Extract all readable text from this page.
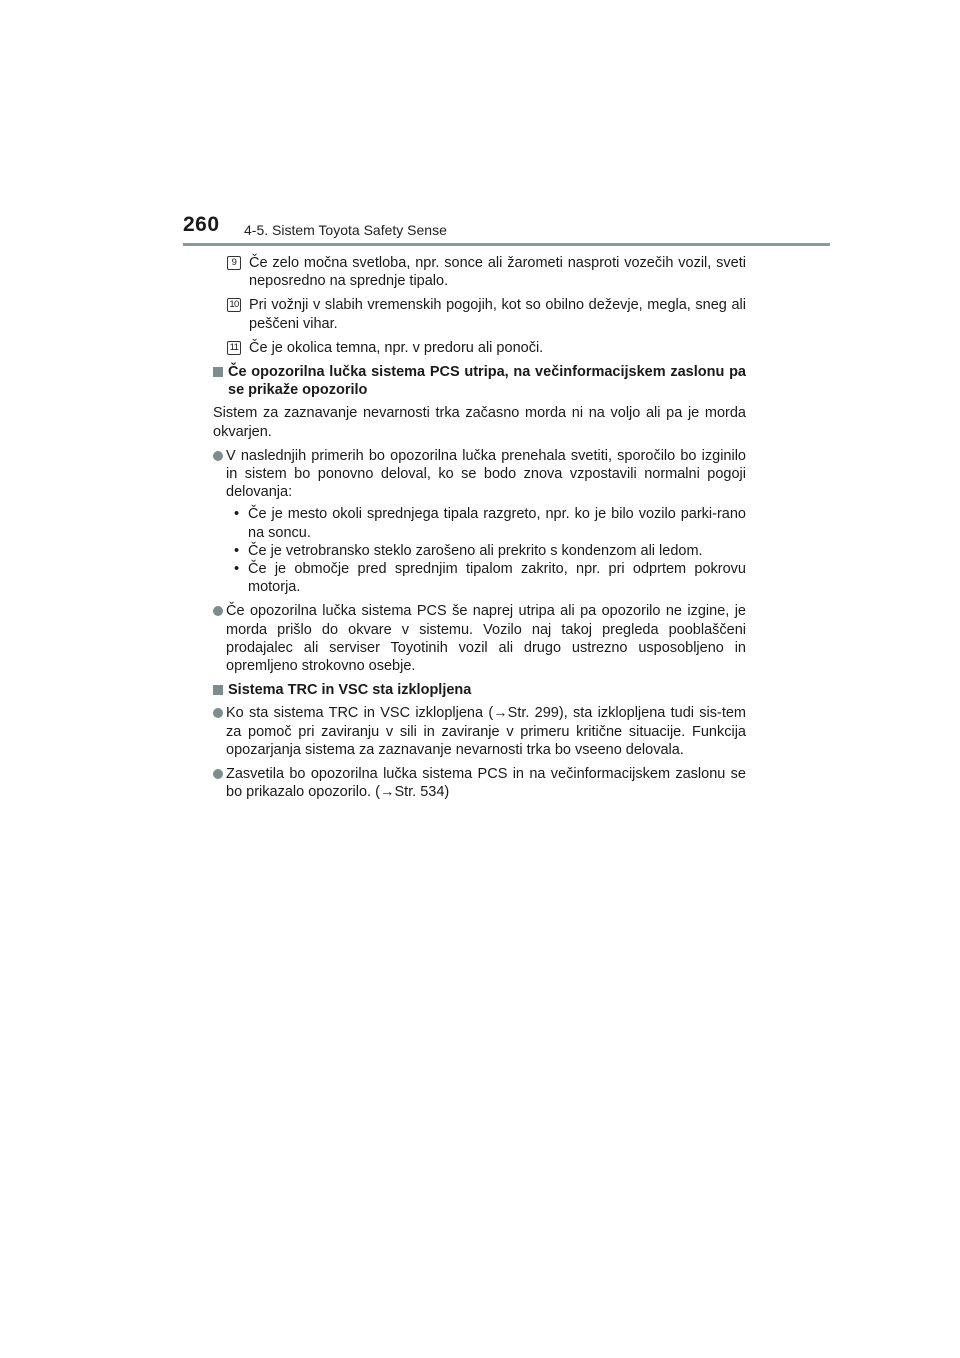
260 4-5. Sistem Toyota Safety Sense
9 Če zelo močna svetloba, npr. sonce ali žarometi nasproti vozečih vozil, sveti neposredno na sprednje tipalo.
10 Pri vožnji v slabih vremenskih pogojih, kot so obilno deževje, megla, sneg ali peščeni vihar.
11 Če je okolica temna, npr. v predoru ali ponoči.
Če opozorilna lučka sistema PCS utripa, na večinformacijskem zaslonu pa se prikaže opozorilo
Sistem za zaznavanje nevarnosti trka začasno morda ni na voljo ali pa je morda okvarjen.
V naslednjih primerih bo opozorilna lučka prenehala svetiti, sporočilo bo izginilo in sistem bo ponovno deloval, ko se bodo znova vzpostavili normalni pogoji delovanja:
• Če je mesto okoli sprednjega tipala razgreto, npr. ko je bilo vozilo parki-rano na soncu.
• Če je vetrobransko steklo zarošeno ali prekrito s kondenzom ali ledom.
• Če je območje pred sprednjim tipalom zakrito, npr. pri odprtem pokrovu motorja.
Če opozorilna lučka sistema PCS še naprej utripa ali pa opozorilo ne izgine, je morda prišlo do okvare v sistemu. Vozilo naj takoj pregleda pooblaščeni prodajalec ali serviser Toyotinih vozil ali drugo ustrezno usposobljeno in opremljeno strokovno osebje.
Sistema TRC in VSC sta izklopljena
Ko sta sistema TRC in VSC izklopljena (→Str. 299), sta izklopljena tudi sis-tem za pomoč pri zaviranju v sili in zaviranje v primeru kritične situacije. Funkcija opozarjanja sistema za zaznavanje nevarnosti trka bo vseeno delovala.
Zasvetila bo opozorilna lučka sistema PCS in na večinformacijskem zaslonu se bo prikazalo opozorilo. (→Str. 534)
